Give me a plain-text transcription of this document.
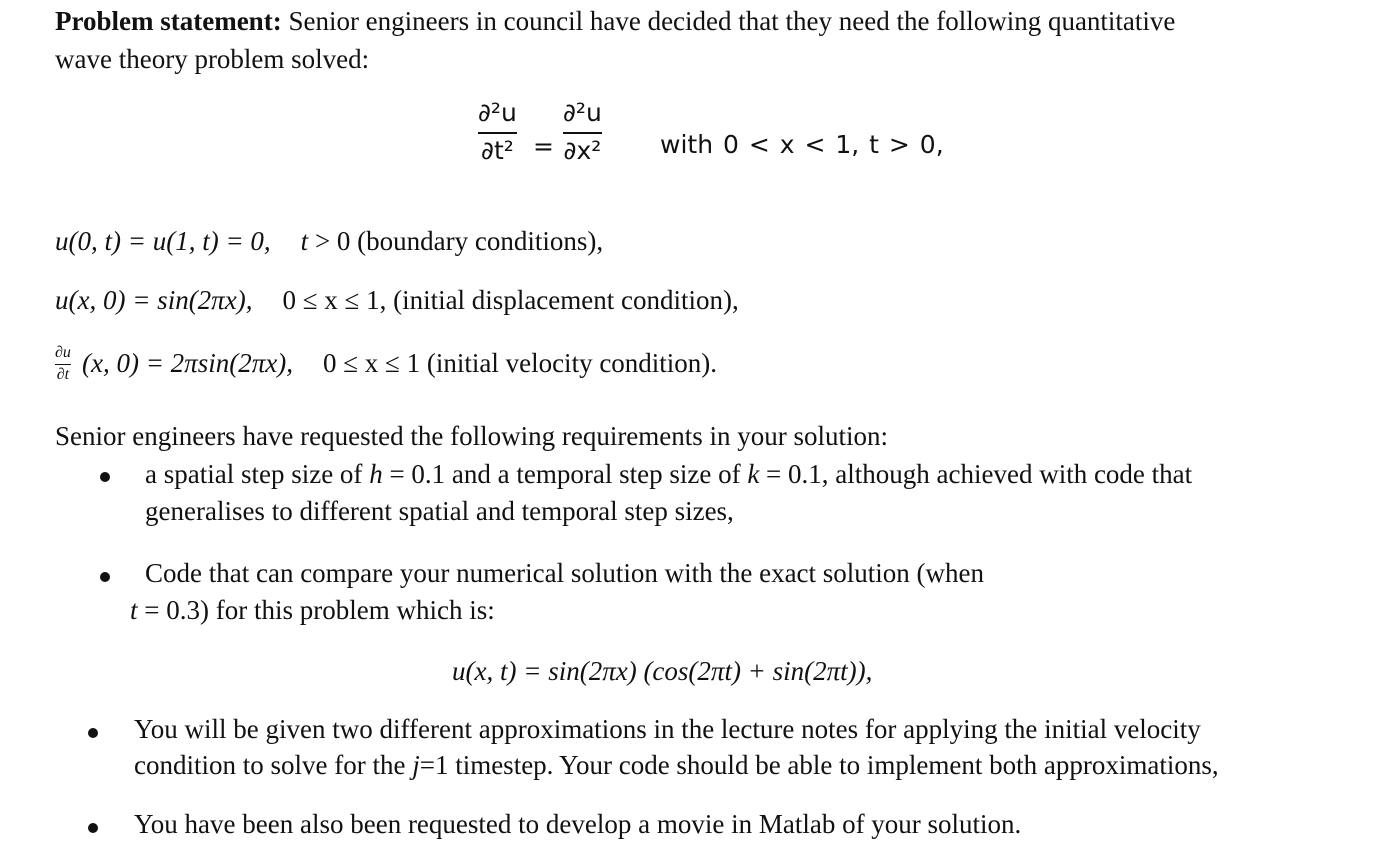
Problem statement: Senior engineers in council have decided that they need the following quantitative
wave theory problem solved:
∂²u
∂t² =
∂²u
∂x² with 0 < x < 1, t > 0,
u(0, t) = u(1, t) = 0, t > 0 (boundary conditions),
u(x, 0) = sin(2πx), 0 ≤ x ≤ 1, (initial displacement condition),
∂u
∂t (x, 0) = 2πsin(2πx), 0 ≤ x ≤ 1 (initial velocity condition).
Senior engineers have requested the following requirements in your solution:
a spatial step size of h = 0.1 and a temporal step size of k = 0.1, although achieved with code that
generalises to different spatial and temporal step sizes,
Code that can compare your numerical solution with the exact solution (when
t = 0.3) for this problem which is:
u(x, t) = sin(2πx) (cos(2πt) + sin(2πt)),
You will be given two different approximations in the lecture notes for applying the initial velocity
condition to solve for the j=1 timestep. Your code should be able to implement both approximations,
You have been also been requested to develop a movie in Matlab of your solution.
